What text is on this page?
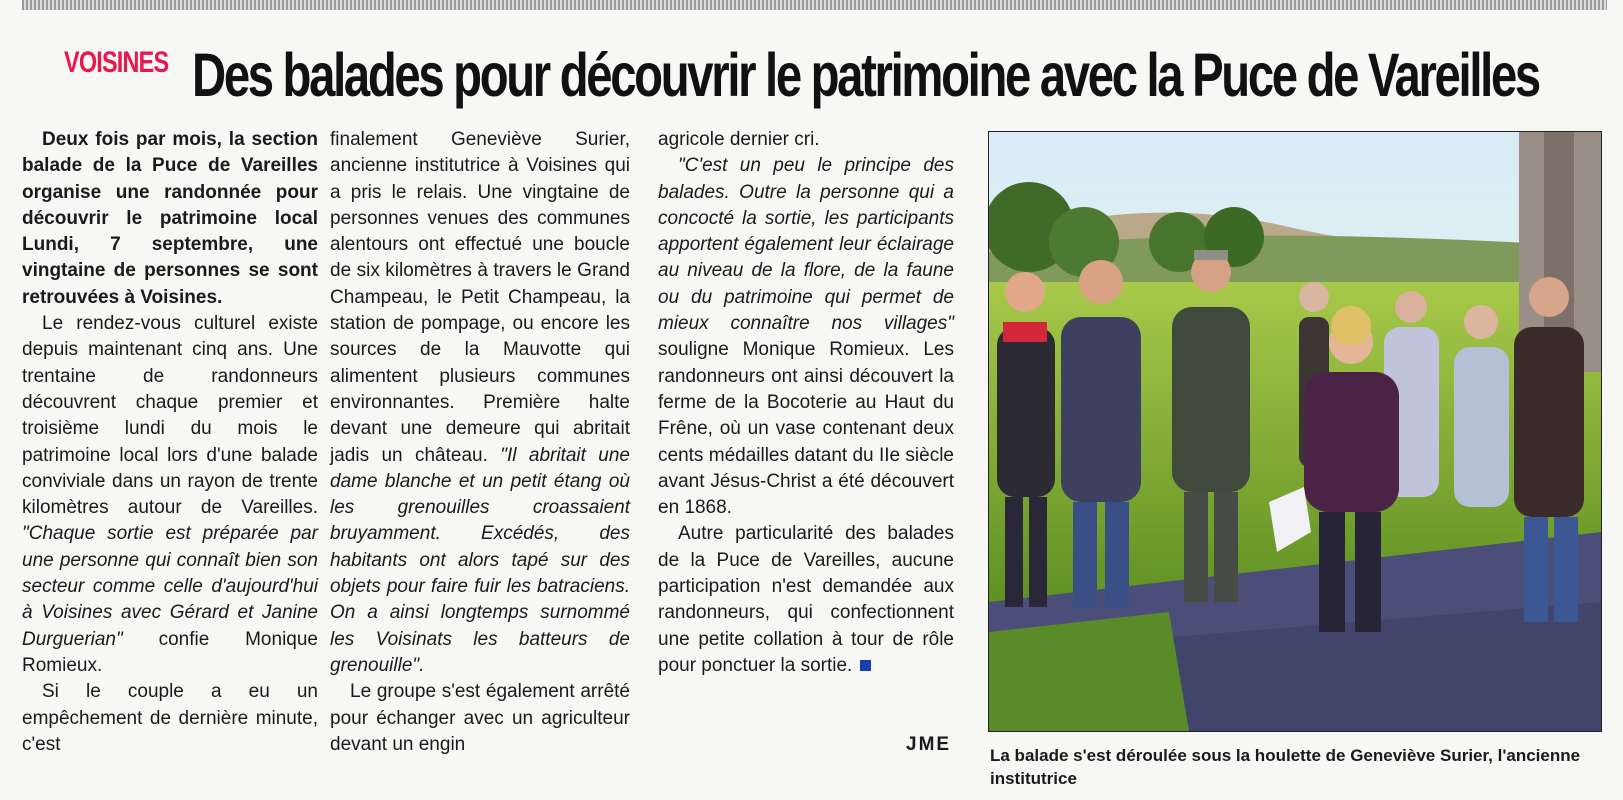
VOISINES Des balades pour découvrir le patrimoine avec la Puce de Vareilles

Deux fois par mois, la section balade de la Puce de Vareilles organise une randonnée pour découvrir le patrimoine local Lundi, 7 septembre, une vingtaine de personnes se sont retrouvées à Voisines.

Le rendez-vous culturel existe depuis maintenant cinq ans. Une trentaine de randonneurs découvrent chaque premier et troisième lundi du mois le patrimoine local lors d'une balade conviviale dans un rayon de trente kilomètres autour de Vareilles. "Chaque sortie est préparée par une personne qui connaît bien son secteur comme celle d'aujourd'hui à Voisines avec Gérard et Janine Durguerian" confie Monique Romieux.

Si le couple a eu un empêchement de dernière minute, c'est

finalement Geneviève Surier, ancienne institutrice à Voisines qui a pris le relais. Une vingtaine de personnes venues des communes alentours ont effectué une boucle de six kilomètres à travers le Grand Champeau, le Petit Champeau, la station de pompage, ou encore les sources de la Mauvotte qui alimentent plusieurs communes environnantes. Première halte devant une demeure qui abritait jadis un château. "Il abritait une dame blanche et un petit étang où les grenouilles croassaient bruyamment. Excédés, des habitants ont alors tapé sur des objets pour faire fuir les batraciens. On a ainsi longtemps surnommé les Voisinats les batteurs de grenouille".

Le groupe s'est également arrêté pour échanger avec un agriculteur devant un engin

agricole dernier cri.

"C'est un peu le principe des balades. Outre la personne qui a concocté la sortie, les participants apportent également leur éclairage au niveau de la flore, de la faune ou du patrimoine qui permet de mieux connaître nos villages" souligne Monique Romieux. Les randonneurs ont ainsi découvert la ferme de la Bocoterie au Haut du Frêne, où un vase contenant deux cents médailles datant du IIe siècle avant Jésus-Christ a été découvert en 1868.

Autre particularité des balades de la Puce de Vareilles, aucune participation n'est demandée aux randonneurs, qui confectionnent une petite collation à tour de rôle pour ponctuer la sortie.

JME
La balade s'est déroulée sous la houlette de Geneviève Surier, l'ancienne institutrice
